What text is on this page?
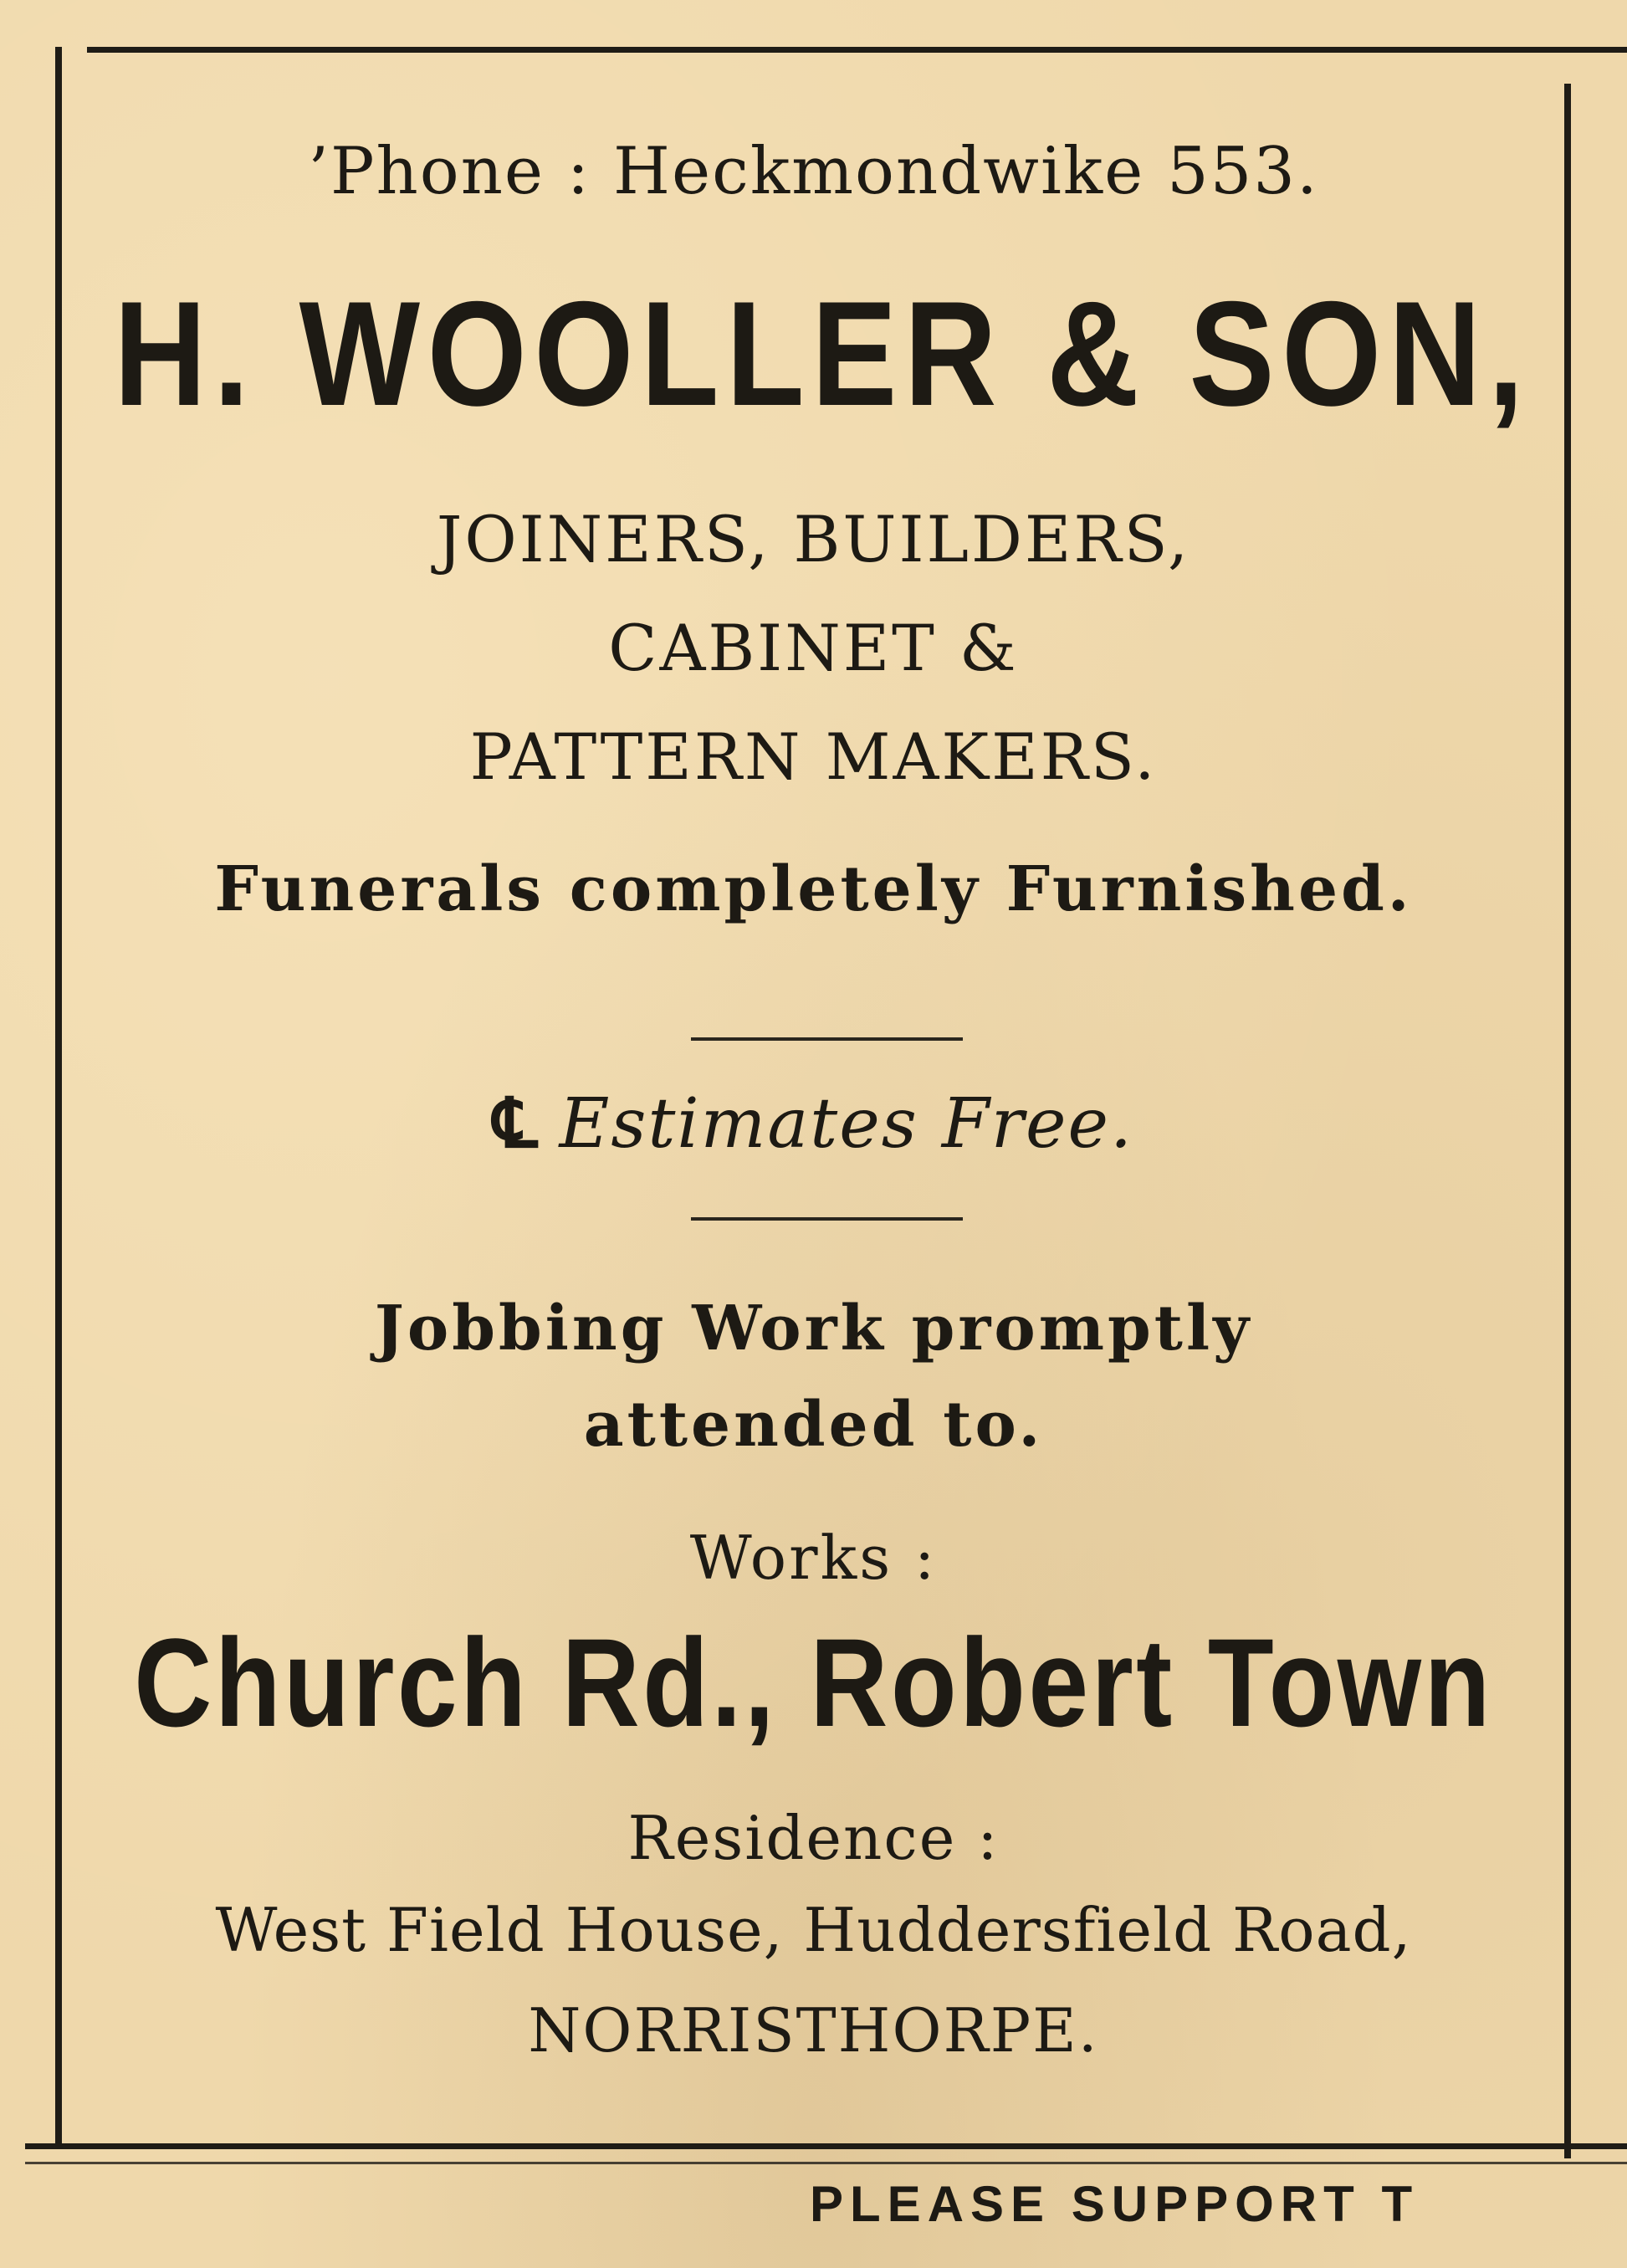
’Phone : Heckmondwike 553.
H. WOOLLER & SON,
JOINERS, BUILDERS,
CABINET &
PATTERN MAKERS.
Funerals completely Furnished.
℄ Estimates Free.
Jobbing Work promptly
attended to.
Works :
Church Rd., Robert Town
Residence :
West Field House, Huddersfield Road,
NORRISTHORPE.
PLEASE SUPPORT T
